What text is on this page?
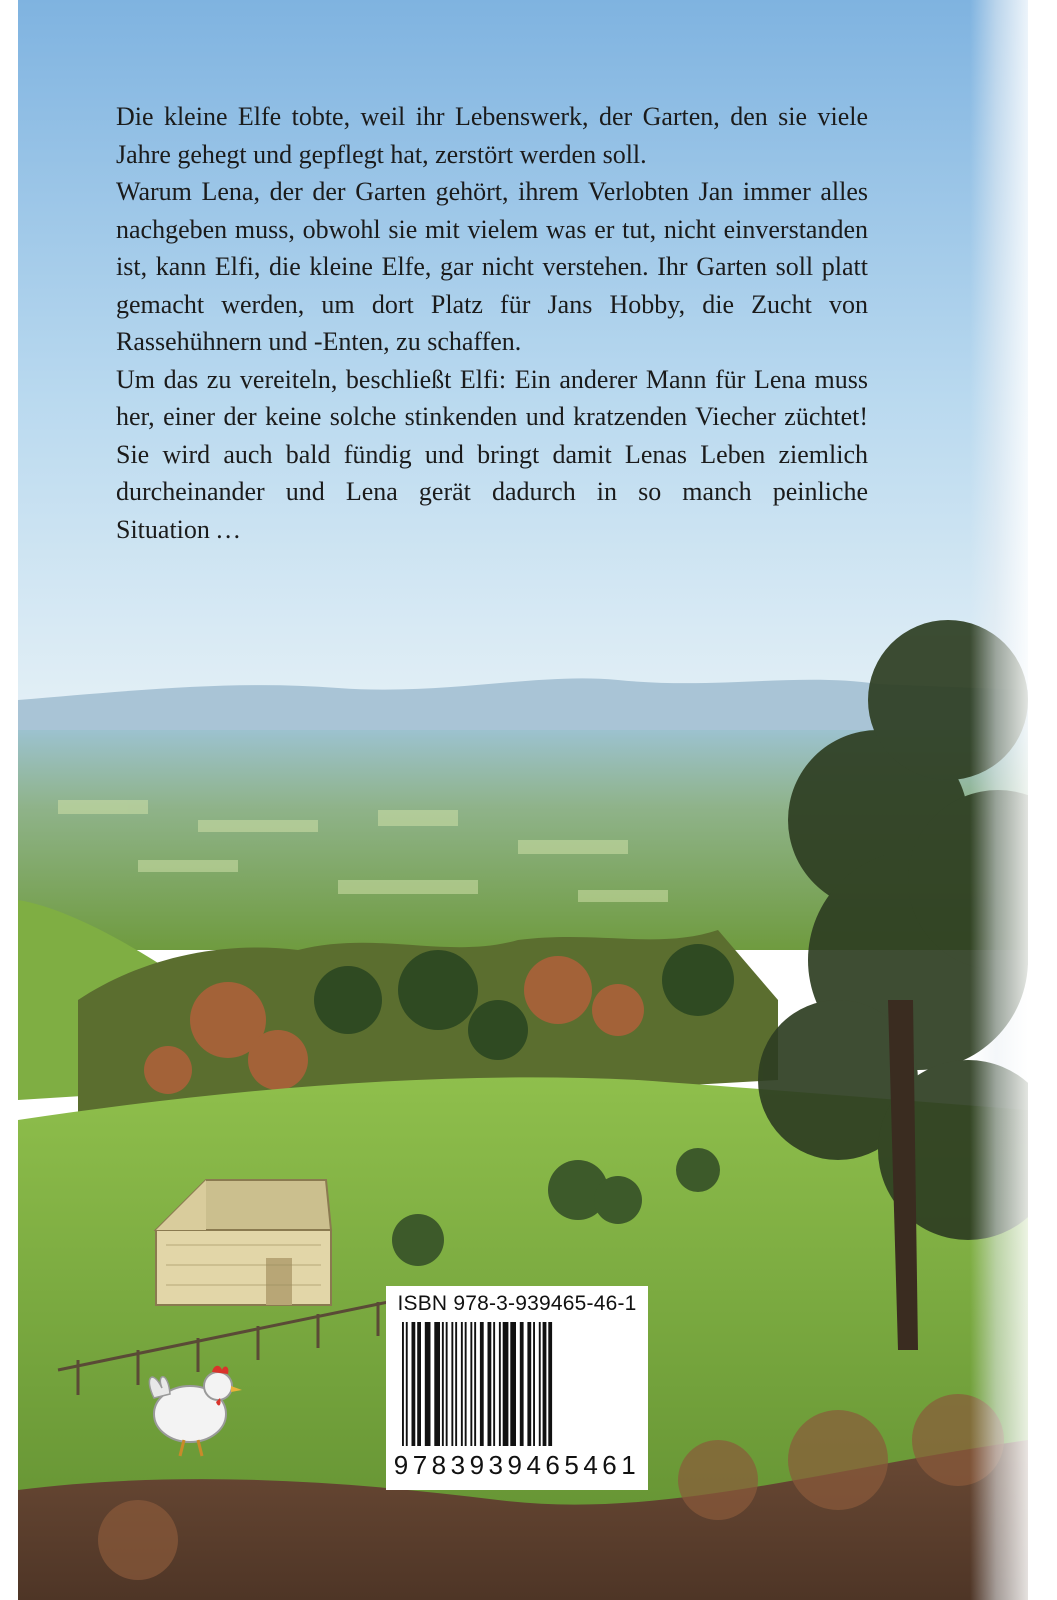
Die kleine Elfe tobte, weil ihr Lebenswerk, der Garten, den sie viele Jahre gehegt und gepflegt hat, zerstört werden soll.

Warum Lena, der der Garten gehört, ihrem Verlobten Jan immer alles nachgeben muss, obwohl sie mit vielem was er tut, nicht einverstanden ist, kann Elfi, die kleine Elfe, gar nicht verstehen. Ihr Garten soll platt gemacht werden, um dort Platz für Jans Hobby, die Zucht von Rassehühnern und -Enten, zu schaffen.

Um das zu vereiteln, beschließt Elfi: Ein anderer Mann für Lena muss her, einer der keine solche stinkenden und kratzenden Viecher züchtet! Sie wird auch bald fündig und bringt damit Lenas Leben ziemlich durcheinander und Lena gerät dadurch in so manch peinliche Situation …

ISBN 978-3-939465-46-1
9783939465461
